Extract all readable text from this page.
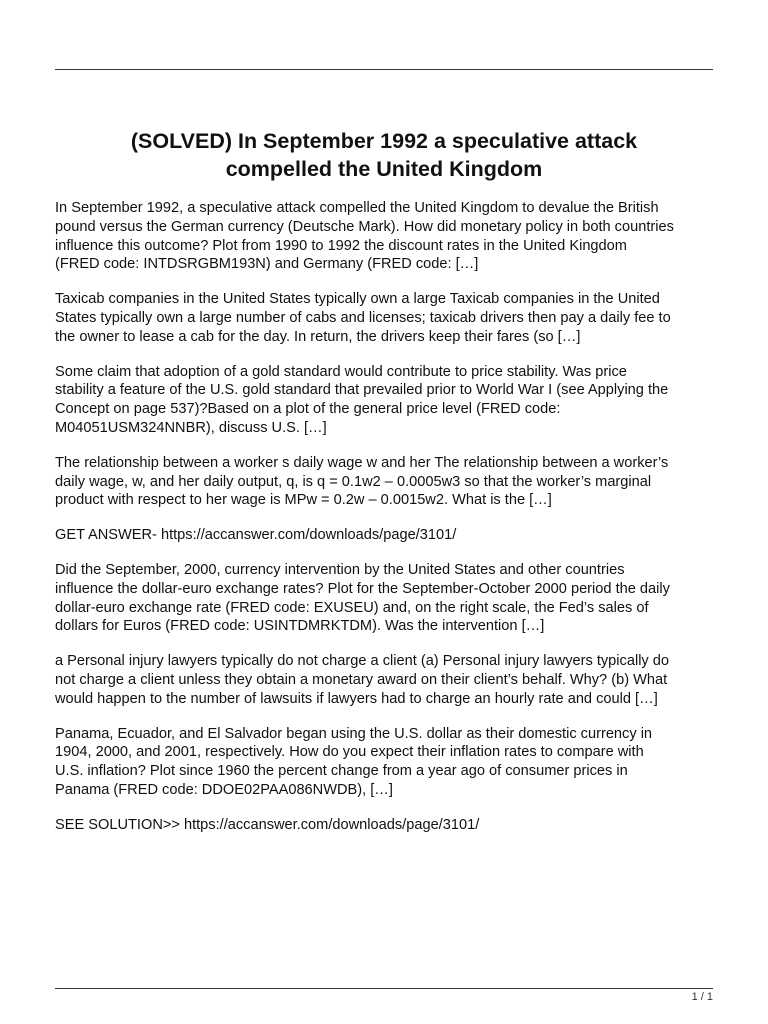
(SOLVED) In September 1992 a speculative attack
compelled the United Kingdom

In September 1992, a speculative attack compelled the United Kingdom to devalue the British
pound versus the German currency (Deutsche Mark). How did monetary policy in both countries
influence this outcome? Plot from 1990 to 1992 the discount rates in the United Kingdom
(FRED code: INTDSRGBM193N) and Germany (FRED code: […]

Taxicab companies in the United States typically own a large Taxicab companies in the United
States typically own a large number of cabs and licenses; taxicab drivers then pay a daily fee to
the owner to lease a cab for the day. In return, the drivers keep their fares (so […]

Some claim that adoption of a gold standard would contribute to price stability. Was price
stability a feature of the U.S. gold standard that prevailed prior to World War I (see Applying the
Concept on page 537)?Based on a plot of the general price level (FRED code:
M04051USM324NNBR), discuss U.S. […]

The relationship between a worker s daily wage w and her The relationship between a worker’s
daily wage, w, and her daily output, q, is q = 0.1w2 – 0.0005w3 so that the worker’s marginal
product with respect to her wage is MPw = 0.2w – 0.0015w2. What is the […]

GET ANSWER- https://accanswer.com/downloads/page/3101/

Did the September, 2000, currency intervention by the United States and other countries
influence the dollar-euro exchange rates? Plot for the September-October 2000 period the daily
dollar-euro exchange rate (FRED code: EXUSEU) and, on the right scale, the Fed’s sales of
dollars for Euros (FRED code: USINTDMRKTDM). Was the intervention […]

a Personal injury lawyers typically do not charge a client (a) Personal injury lawyers typically do
not charge a client unless they obtain a monetary award on their client’s behalf. Why? (b) What
would happen to the number of lawsuits if lawyers had to charge an hourly rate and could […]

Panama, Ecuador, and El Salvador began using the U.S. dollar as their domestic currency in
1904, 2000, and 2001, respectively. How do you expect their inflation rates to compare with
U.S. inflation? Plot since 1960 the percent change from a year ago of consumer prices in
Panama (FRED code: DDOE02PAA086NWDB), […]

SEE SOLUTION>> https://accanswer.com/downloads/page/3101/

1 / 1
